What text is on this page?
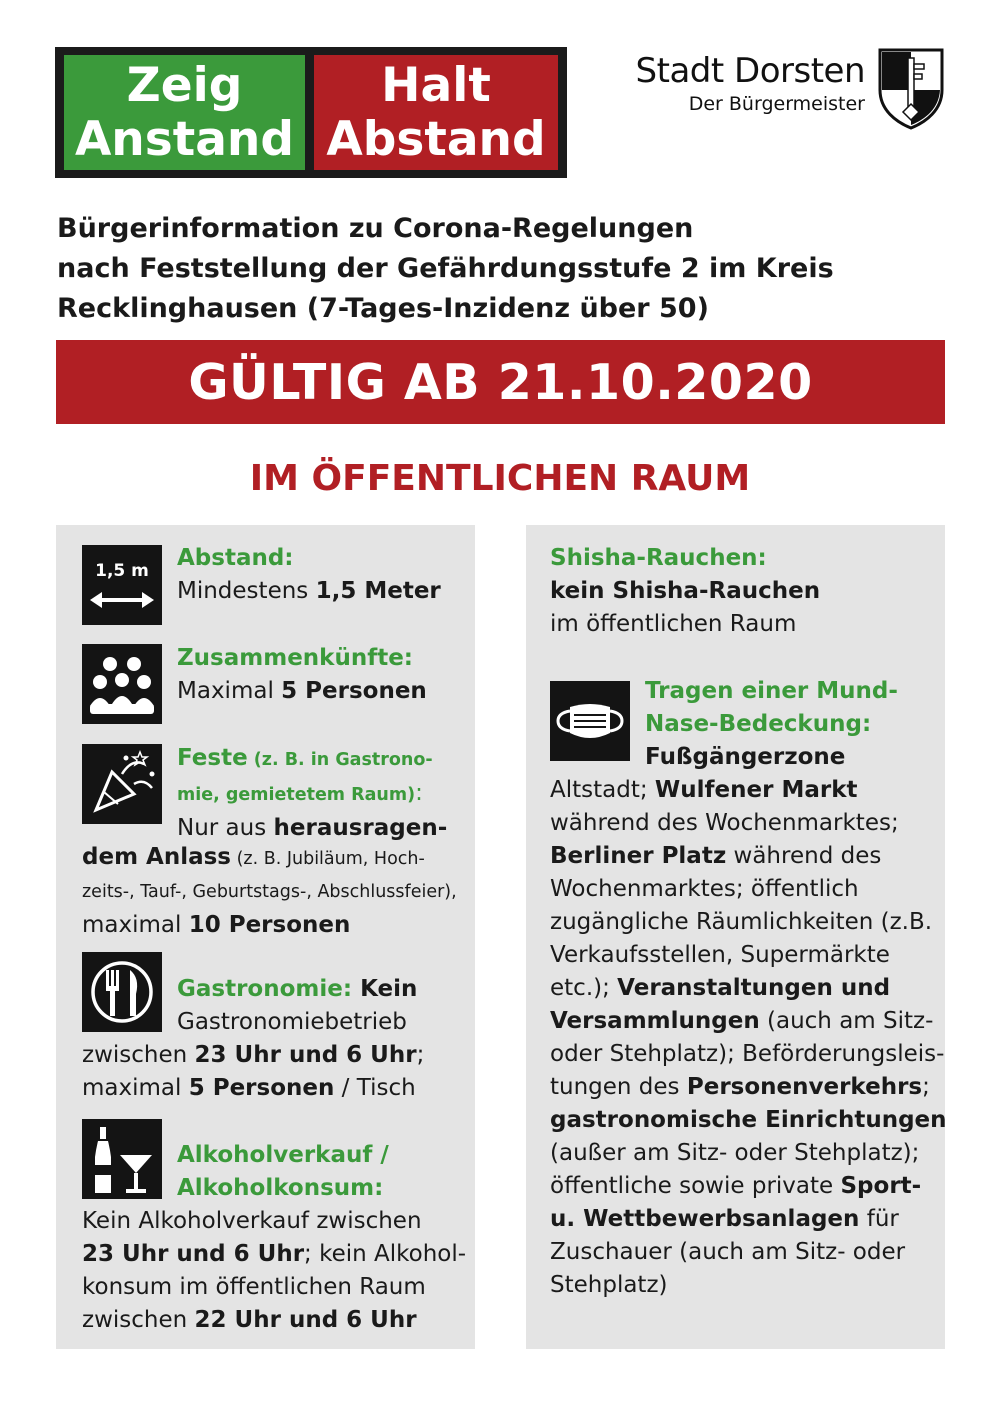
Zeig
Anstand
Halt
Abstand
Stadt Dorsten
Der Bürgermeister
Bürgerinformation zu Corona-Regelungen
nach Feststellung der Gefährdungsstufe 2 im Kreis
Recklinghausen (7-Tages-Inzidenz über 50)
GÜLTIG AB 21.10.2020
IM ÖFFENTLICHEN RAUM
1,5 m Abstand:
Mindestens 1,5 Meter
Zusammenkünfte:
Maximal 5 Personen
Feste (z. B. in Gastrono-
mie, gemietetem Raum):
Nur aus herausragen-
dem Anlass (z. B. Jubiläum, Hoch-
zeits-, Tauf-, Geburtstags-, Abschlussfeier),
maximal 10 Personen
Gastronomie: Kein
Gastronomiebetrieb
zwischen 23 Uhr und 6 Uhr;
maximal 5 Personen / Tisch
Alkoholverkauf /
Alkoholkonsum:
Kein Alkoholverkauf zwischen
23 Uhr und 6 Uhr; kein Alkohol-
konsum im öffentlichen Raum
zwischen 22 Uhr und 6 Uhr
Shisha-Rauchen:
kein Shisha-Rauchen
im öffentlichen Raum
Tragen einer Mund-
Nase-Bedeckung:
Fußgängerzone
Altstadt; Wulfener Markt
während des Wochenmarktes;
Berliner Platz während des
Wochenmarktes; öffentlich
zugängliche Räumlichkeiten (z.B.
Verkaufsstellen, Supermärkte
etc.); Veranstaltungen und
Versammlungen (auch am Sitz-
oder Stehplatz); Beförderungsleis-
tungen des Personenverkehrs;
gastronomische Einrichtungen
(außer am Sitz- oder Stehplatz);
öffentliche sowie private Sport-
u. Wettbewerbsanlagen für
Zuschauer (auch am Sitz- oder
Stehplatz)
